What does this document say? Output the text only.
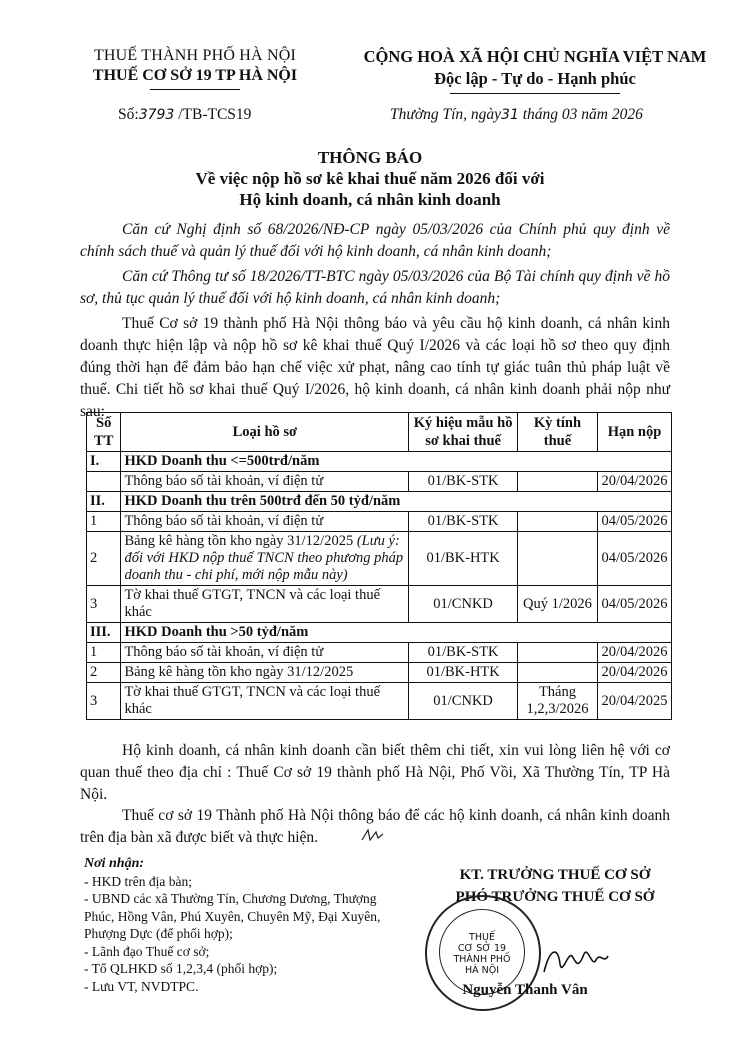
THUẾ THÀNH PHỐ HÀ NỘI
THUẾ CƠ SỞ 19 TP HÀ NỘI
CỘNG HOÀ XÃ HỘI CHỦ NGHĨA VIỆT NAM
Độc lập - Tự do - Hạnh phúc
Số:3793 /TB-TCS19	Thường Tín, ngày31 tháng 03 năm 2026
THÔNG BÁO
Về việc nộp hồ sơ kê khai thuế năm 2026 đối với
Hộ kinh doanh, cá nhân kinh doanh

Căn cứ Nghị định số 68/2026/NĐ-CP ngày 05/03/2026 của Chính phủ quy định về chính sách thuế và quản lý thuế đối với hộ kinh doanh, cá nhân kinh doanh;

Căn cứ Thông tư số 18/2026/TT-BTC ngày 05/03/2026 của Bộ Tài chính quy định về hồ sơ, thủ tục quản lý thuế đối với hộ kinh doanh, cá nhân kinh doanh;

Thuế Cơ sở 19 thành phố Hà Nội thông báo và yêu cầu hộ kinh doanh, cá nhân kinh doanh thực hiện lập và nộp hồ sơ kê khai thuế Quý I/2026 và các loại hồ sơ theo quy định đúng thời hạn để đảm bảo hạn chế việc xử phạt, nâng cao tính tự giác tuân thủ pháp luật về thuế. Chi tiết hồ sơ khai thuế Quý I/2026, hộ kinh doanh, cá nhân kinh doanh phải nộp như sau:

Số TT	Loại hồ sơ	Ký hiệu mẫu hồ sơ khai thuế	Kỳ tính thuế	Hạn nộp
I.	HKD Doanh thu <=500trđ/năm			
	Thông báo số tài khoản, ví điện tử	01/BK-STK		20/04/2026
II.	HKD Doanh thu trên 500trđ đến 50 tỷđ/năm			
1	Thông báo số tài khoản, ví điện tử	01/BK-STK		04/05/2026
2	Bảng kê hàng tồn kho ngày 31/12/2025 (Lưu ý: đối với HKD nộp thuế TNCN theo phương pháp doanh thu - chi phí, mới nộp mẫu này)	01/BK-HTK		04/05/2026
3	Tờ khai thuế GTGT, TNCN và các loại thuế khác	01/CNKD	Quý 1/2026	04/05/2026
III.	HKD Doanh thu >50 tỷđ/năm			
1	Thông báo số tài khoản, ví điện tử	01/BK-STK		20/04/2026
2	Bảng kê hàng tồn kho ngày 31/12/2025	01/BK-HTK		20/04/2026
3	Tờ khai thuế GTGT, TNCN và các loại thuế khác	01/CNKD	Tháng 1,2,3/2026	20/04/2025

Hộ kinh doanh, cá nhân kinh doanh cần biết thêm chi tiết, xin vui lòng liên hệ với cơ quan thuế theo địa chỉ : Thuế Cơ sở 19 thành phố Hà Nội, Phố Vồi, Xã Thường Tín, TP Hà Nội.

Thuế cơ sở 19 Thành phố Hà Nội thông báo để các hộ kinh doanh, cá nhân kinh doanh trên địa bàn xã được biết và thực hiện.

Nơi nhận:
- HKD trên địa bàn;
- UBND các xã Thường Tín, Chương Dương, Thượng Phúc, Hồng Vân, Phú Xuyên, Chuyên Mỹ, Đại Xuyên, Phượng Dực (để phối hợp);
- Lãnh đạo Thuế cơ sở;
- Tổ QLHKD số 1,2,3,4 (phối hợp);
- Lưu VT, NVDTPC.
KT. TRƯỞNG THUẾ CƠ SỞ
PHÓ TRƯỞNG THUẾ CƠ SỞ
THUẾ
CƠ SỞ 19
THÀNH PHỐ
HÀ NỘI
Nguyễn Thanh Vân
